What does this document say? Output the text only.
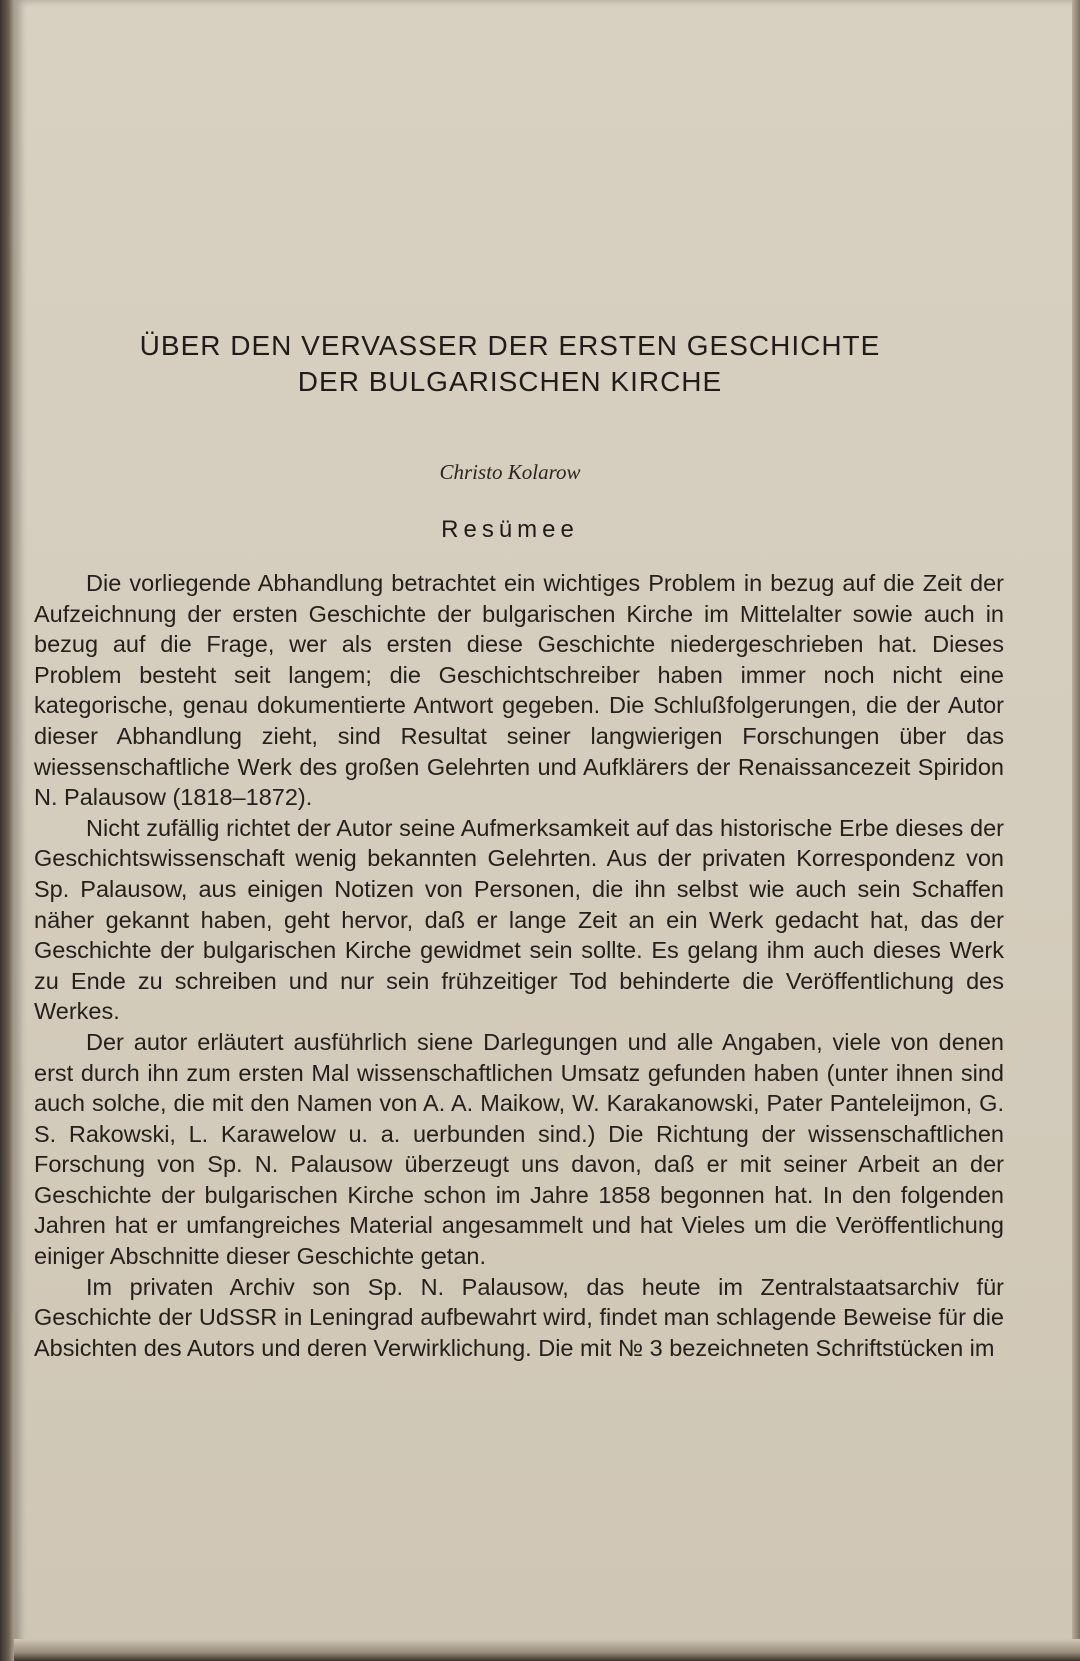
ÜBER DEN VERVASSER DER ERSTEN GESCHICHTE
DER BULGARISCHEN KIRCHE
Christo Kolarow
Resümee

Die vorliegende Abhandlung betrachtet ein wichtiges Problem in bezug auf die Zeit der Aufzeichnung der ersten Geschichte der bulgarischen Kirche im Mittelalter sowie auch in bezug auf die Frage, wer als ersten diese Geschichte niedergeschrieben hat. Dieses Problem besteht seit langem; die Geschichtschreiber haben immer noch nicht eine kategorische, genau dokumentierte Antwort gegeben. Die Schlußfolgerungen, die der Autor dieser Abhandlung zieht, sind Resultat seiner langwierigen Forschungen über das wiessenschaftliche Werk des großen Gelehrten und Aufklärers der Renaissancezeit Spiridon N. Palausow (1818–1872).

Nicht zufällig richtet der Autor seine Aufmerksamkeit auf das historische Erbe dieses der Geschichtswissenschaft wenig bekannten Gelehrten. Aus der privaten Korrespondenz von Sp. Palausow, aus einigen Notizen von Personen, die ihn selbst wie auch sein Schaffen näher gekannt haben, geht hervor, daß er lange Zeit an ein Werk gedacht hat, das der Geschichte der bulgarischen Kirche gewidmet sein sollte. Es gelang ihm auch dieses Werk zu Ende zu schreiben und nur sein frühzeitiger Tod behinderte die Veröffentlichung des Werkes.

Der autor erläutert ausführlich siene Darlegungen und alle Angaben, viele von denen erst durch ihn zum ersten Mal wissenschaftlichen Umsatz gefunden haben (unter ihnen sind auch solche, die mit den Namen von A. A. Maikow, W. Karakanowski, Pater Panteleijmon, G. S. Rakowski, L. Karawelow u. a. uerbunden sind.) Die Richtung der wissenschaftlichen Forschung von Sp. N. Palausow überzeugt uns davon, daß er mit seiner Arbeit an der Geschichte der bulgarischen Kirche schon im Jahre 1858 begonnen hat. In den folgenden Jahren hat er umfangreiches Material angesammelt und hat Vieles um die Veröffentlichung einiger Abschnitte dieser Geschichte getan.

Im privaten Archiv son Sp. N. Palausow, das heute im Zentralstaatsarchiv für Geschichte der UdSSR in Leningrad aufbewahrt wird, findet man schlagende Beweise für die Absichten des Autors und deren Verwirklichung. Die mit № 3 bezeichneten Schriftstücken im
